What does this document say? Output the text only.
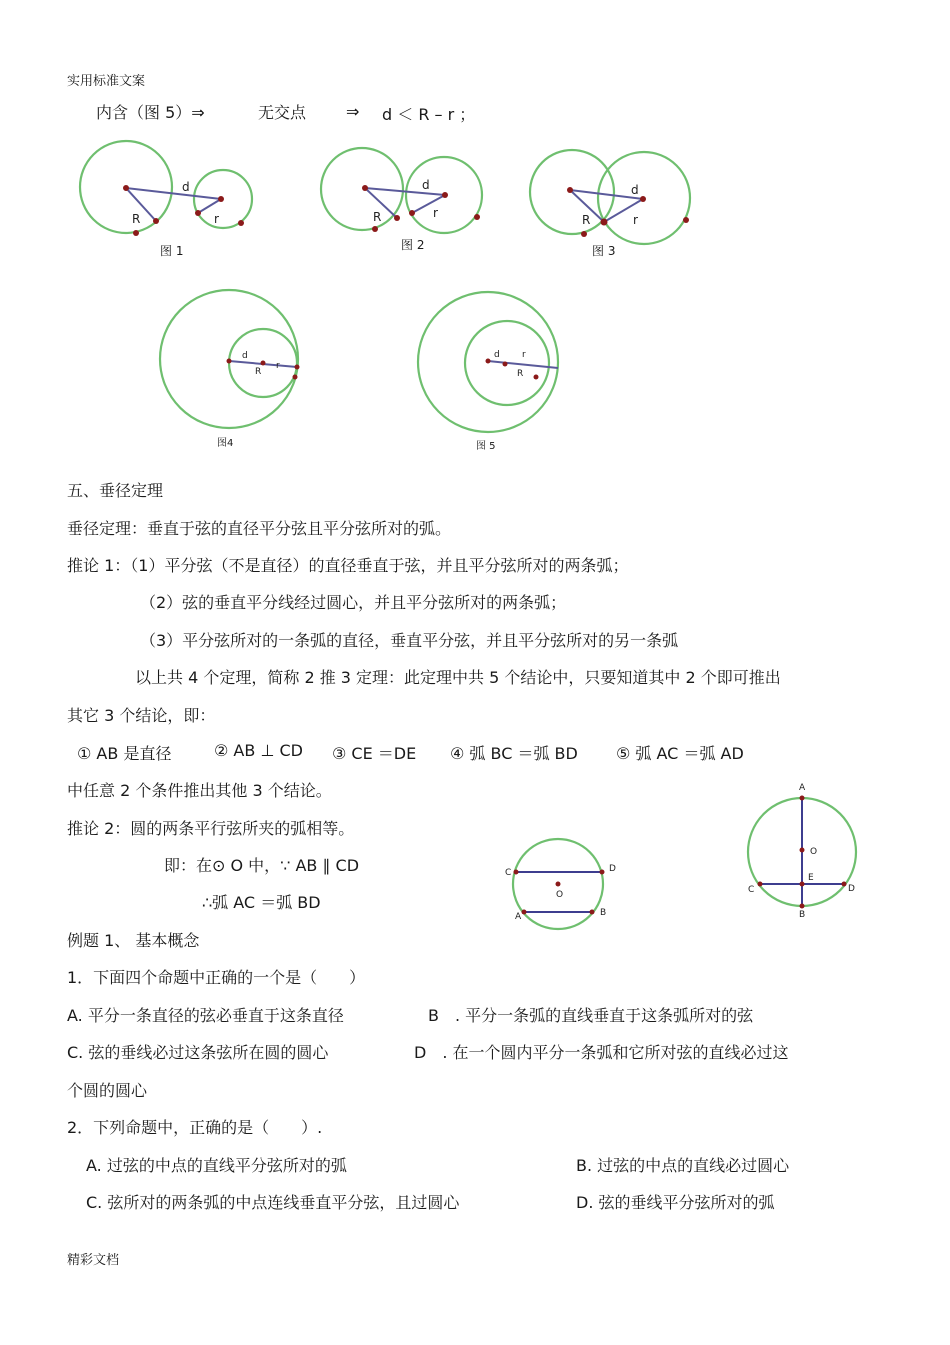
实用标准文案
内含（图 5）⇒	无交点 ⇒ d ＜ R – r ；
d
R	r
图 1
d
R	r
图 2
d
R	r
图 3
d
R
r
图4
d r
R
图 5
五、垂径定理
垂径定理：垂直于弦的直径平分弦且平分弦所对的弧。
推论 1：（1）平分弦（不是直径）的直径垂直于弦，并且平分弦所对的两条弧；
（2）弦的垂直平分线经过圆心，并且平分弦所对的两条弧；
（3）平分弦所对的一条弧的直径，垂直平分弦，并且平分弦所对的另一条弧
以上共 4 个定理，简称 2 推 3 定理：此定理中共 5 个结论中，只要知道其中 2 个即可推出
其它 3 个结论，即：
① AB 是直径	② AB ⊥ CD ③ CE ＝DE ④ 弧 BC ＝弧 BD ⑤ 弧 AC ＝弧 AD
中任意 2 个条件推出其他 3 个结论。
推论 2：圆的两条平行弦所夹的弧相等。
即：在⊙ O 中，∵ AB ∥ CD
∴弧 AC ＝弧 BD
C	D
O
A	B
A
O
C
E
D
B
例题 1、 基本概念
1．下面四个命题中正确的一个是（　　）
A. 平分一条直径的弦必垂直于这条直径	B　. 平分一条弧的直线垂直于这条弧所对的弦
C. 弦的垂线必过这条弦所在圆的圆心	D　. 在一个圆内平分一条弧和它所对弦的直线必过这
个圆的圆心
2．下列命题中，正确的是（　　）.
A. 过弦的中点的直线平分弦所对的弧	B. 过弦的中点的直线必过圆心
C. 弦所对的两条弧的中点连线垂直平分弦，且过圆心	D. 弦的垂线平分弦所对的弧
精彩文档
